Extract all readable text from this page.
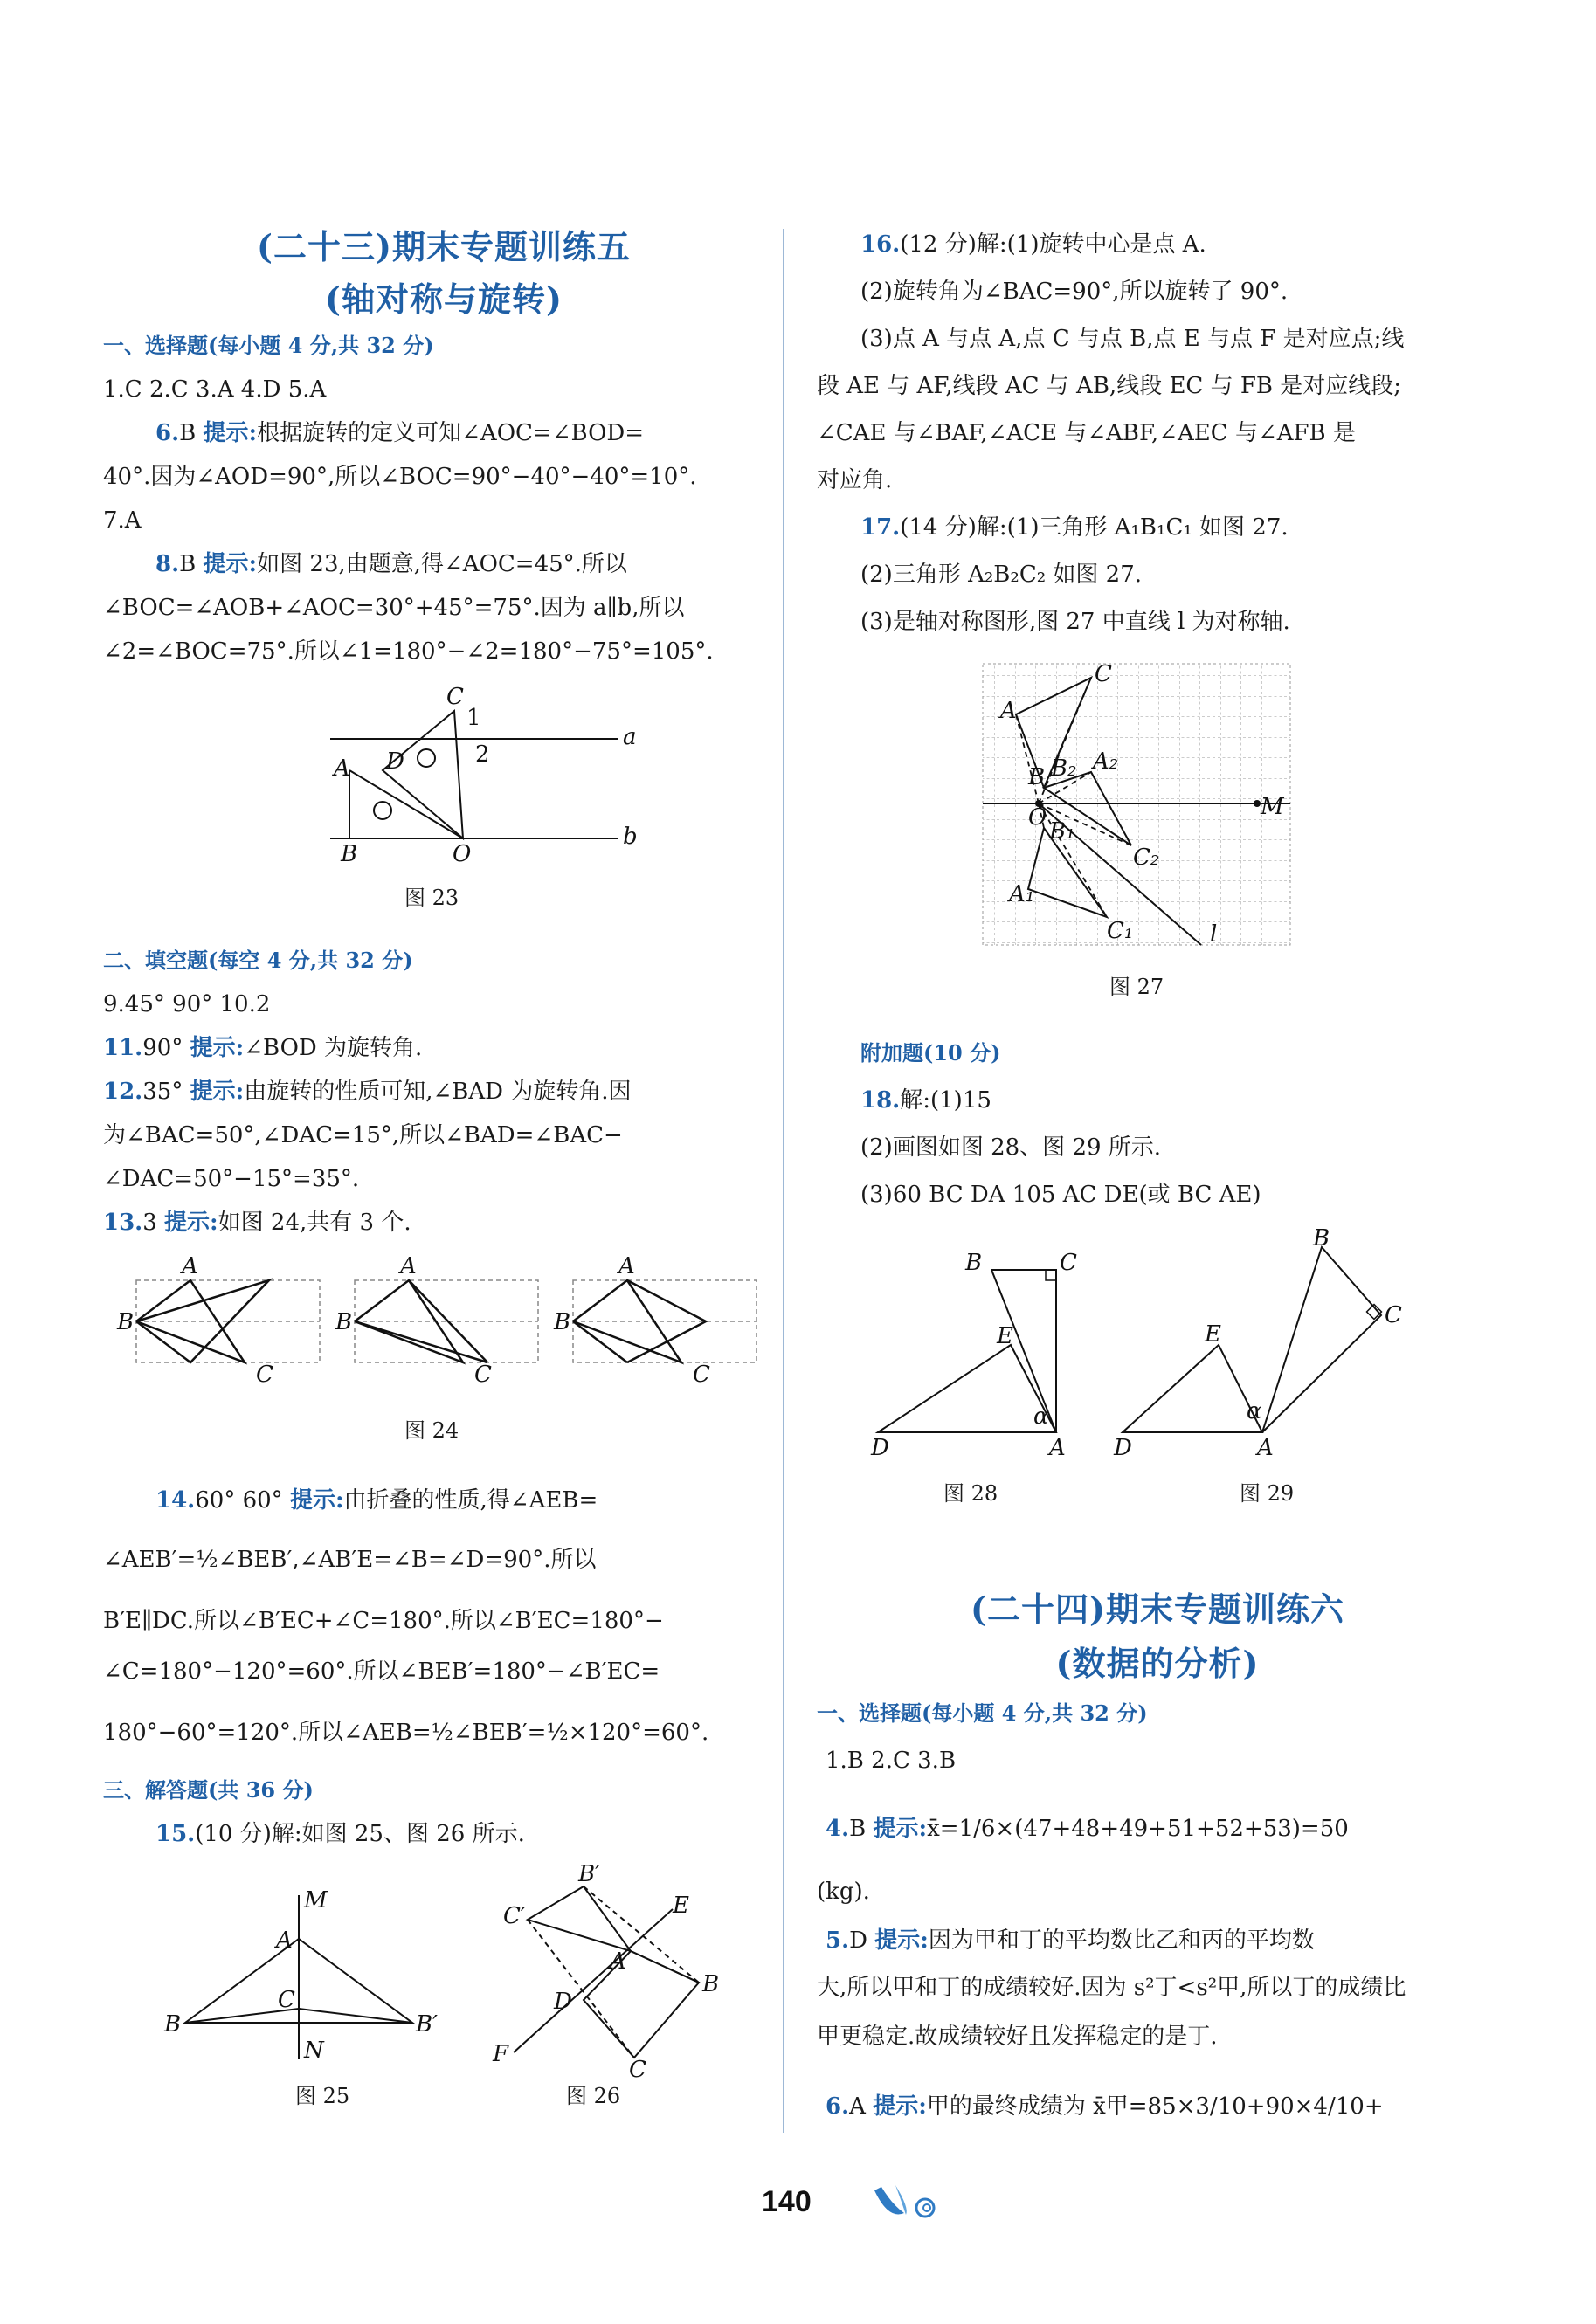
(二十三)期末专题训练五
(轴对称与旋转)
一、选择题(每小题 4 分,共 32 分)
1.C 2.C 3.A 4.D 5.A
6.B 提示:根据旋转的定义可知∠AOC=∠BOD=
40°.因为∠AOD=90°,所以∠BOC=90°−40°−40°=10°.
7.A
8.B 提示:如图 23,由题意,得∠AOC=45°.所以
∠BOC=∠AOB+∠AOC=30°+45°=75°.因为 a∥b,所以
∠2=∠BOC=75°.所以∠1=180°−∠2=180°−75°=105°.
C
1
2
a
A D
B	O
b
图 23
二、填空题(每空 4 分,共 32 分)
9.45° 90° 10.2
11.90° 提示:∠BOD 为旋转角.
12.35° 提示:由旋转的性质可知,∠BAD 为旋转角.因
为∠BAC=50°,∠DAC=15°,所以∠BAD=∠BAC−
∠DAC=50°−15°=35°.
13.3 提示:如图 24,共有 3 个.
A
B
C
A
B
C
A
B
C
图 24
14.60° 60° 提示:由折叠的性质,得∠AEB=
∠AEB′=½∠BEB′,∠AB′E=∠B=∠D=90°.所以
B′E∥DC.所以∠B′EC+∠C=180°.所以∠B′EC=180°−
∠C=180°−120°=60°.所以∠BEB′=180°−∠B′EC=
180°−60°=120°.所以∠AEB=½∠BEB′=½×120°=60°.
三、解答题(共 36 分)
15.(10 分)解:如图 25、图 26 所示.
M
A
C
B	B′
N
图 25
B′
E
C′
A
B
D
F
C
图 26
16.(12 分)解:(1)旋转中心是点 A.
(2)旋转角为∠BAC=90°,所以旋转了 90°.
(3)点 A 与点 A,点 C 与点 B,点 E 与点 F 是对应点;线
段 AE 与 AF,线段 AC 与 AB,线段 EC 与 FB 是对应线段;
∠CAE 与∠BAF,∠ACE 与∠ABF,∠AEC 与∠AFB 是
对应角.
17.(14 分)解:(1)三角形 A₁B₁C₁ 如图 27.
(2)三角形 A₂B₂C₂ 如图 27.
(3)是轴对称图形,图 27 中直线 l 为对称轴.
C
A
A₂
B B₂
O	M
B₁
C₂
A₁
C₁	l
图 27
附加题(10 分)
18.解:(1)15
(2)画图如图 28、图 29 所示.
(3)60 BC DA 105 AC DE(或 BC AE)
B	C
E
α
D	A
图 28
B
C
E
α
D	A
图 29
(二十四)期末专题训练六
(数据的分析)
一、选择题(每小题 4 分,共 32 分)
1.B 2.C 3.B
4.B 提示:x̄=1/6×(47+48+49+51+52+53)=50
(kg).
5.D 提示:因为甲和丁的平均数比乙和丙的平均数
大,所以甲和丁的成绩较好.因为 s²丁<s²甲,所以丁的成绩比
甲更稳定.故成绩较好且发挥稳定的是丁.
6.A 提示:甲的最终成绩为 x̄甲=85×3/10+90×4/10+
140
